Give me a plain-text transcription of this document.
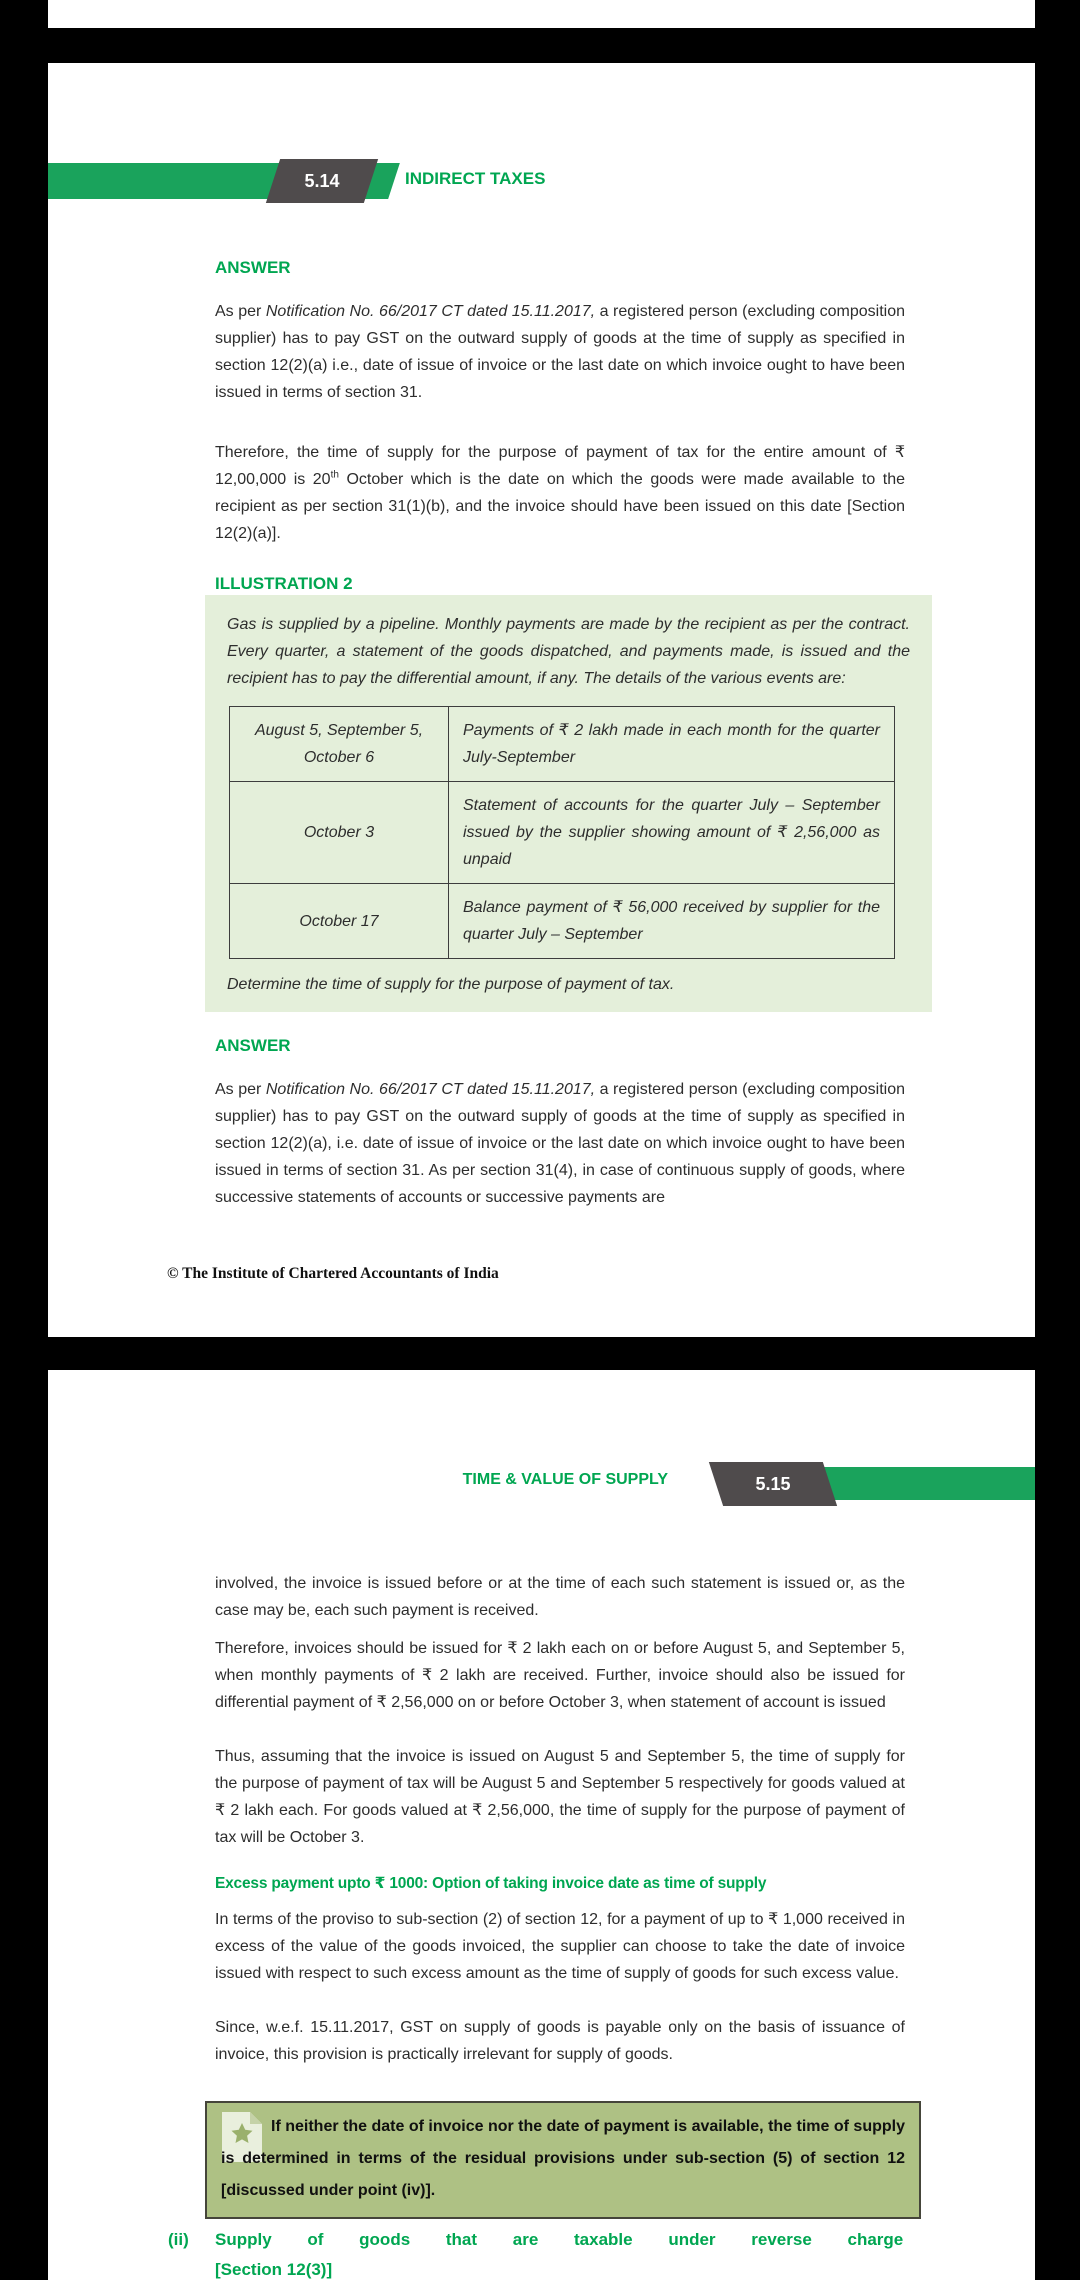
5.14	INDIRECT TAXES
ANSWER

As per Notification No. 66/2017 CT dated 15.11.2017, a registered person (excluding composition supplier) has to pay GST on the outward supply of goods at the time of supply as specified in section 12(2)(a) i.e., date of issue of invoice or the last date on which invoice ought to have been issued in terms of section 31.

Therefore, the time of supply for the purpose of payment of tax for the entire amount of ₹ 12,00,000 is 20th October which is the date on which the goods were made available to the recipient as per section 31(1)(b), and the invoice should have been issued on this date [Section 12(2)(a)].

ILLUSTRATION 2

Gas is supplied by a pipeline. Monthly payments are made by the recipient as per the contract. Every quarter, a statement of the goods dispatched, and payments made, is issued and the recipient has to pay the differential amount, if any. The details of the various events are:

August 5, September 5, October 6	Payments of ₹ 2 lakh made in each month for the quarter July-September
October 3	Statement of accounts for the quarter July – September issued by the supplier showing amount of ₹ 2,56,000 as unpaid
October 17	Balance payment of ₹ 56,000 received by supplier for the quarter July – September

Determine the time of supply for the purpose of payment of tax.

ANSWER

As per Notification No. 66/2017 CT dated 15.11.2017, a registered person (excluding composition supplier) has to pay GST on the outward supply of goods at the time of supply as specified in section 12(2)(a), i.e. date of issue of invoice or the last date on which invoice ought to have been issued in terms of section 31. As per section 31(4), in case of continuous supply of goods, where successive statements of accounts or successive payments are

© The Institute of Chartered Accountants of India
TIME & VALUE OF SUPPLY	5.15

involved, the invoice is issued before or at the time of each such statement is issued or, as the case may be, each such payment is received.

Therefore, invoices should be issued for ₹ 2 lakh each on or before August 5, and September 5, when monthly payments of ₹ 2 lakh are received. Further, invoice should also be issued for differential payment of ₹ 2,56,000 on or before October 3, when statement of account is issued

Thus, assuming that the invoice is issued on August 5 and September 5, the time of supply for the purpose of payment of tax will be August 5 and September 5 respectively for goods valued at ₹ 2 lakh each. For goods valued at ₹ 2,56,000, the time of supply for the purpose of payment of tax will be October 3.

Excess payment upto ₹ 1000: Option of taking invoice date as time of supply

In terms of the proviso to sub-section (2) of section 12, for a payment of up to ₹ 1,000 received in excess of the value of the goods invoiced, the supplier can choose to take the date of invoice issued with respect to such excess amount as the time of supply of goods for such excess value.

Since, w.e.f. 15.11.2017, GST on supply of goods is payable only on the basis of issuance of invoice, this provision is practically irrelevant for supply of goods.

If neither the date of invoice nor the date of payment is available, the time of supply is determined in terms of the residual provisions under sub-section (5) of section 12 [discussed under point (iv)].

(ii) Supply of goods that are taxable under reverse charge
[Section 12(3)]
